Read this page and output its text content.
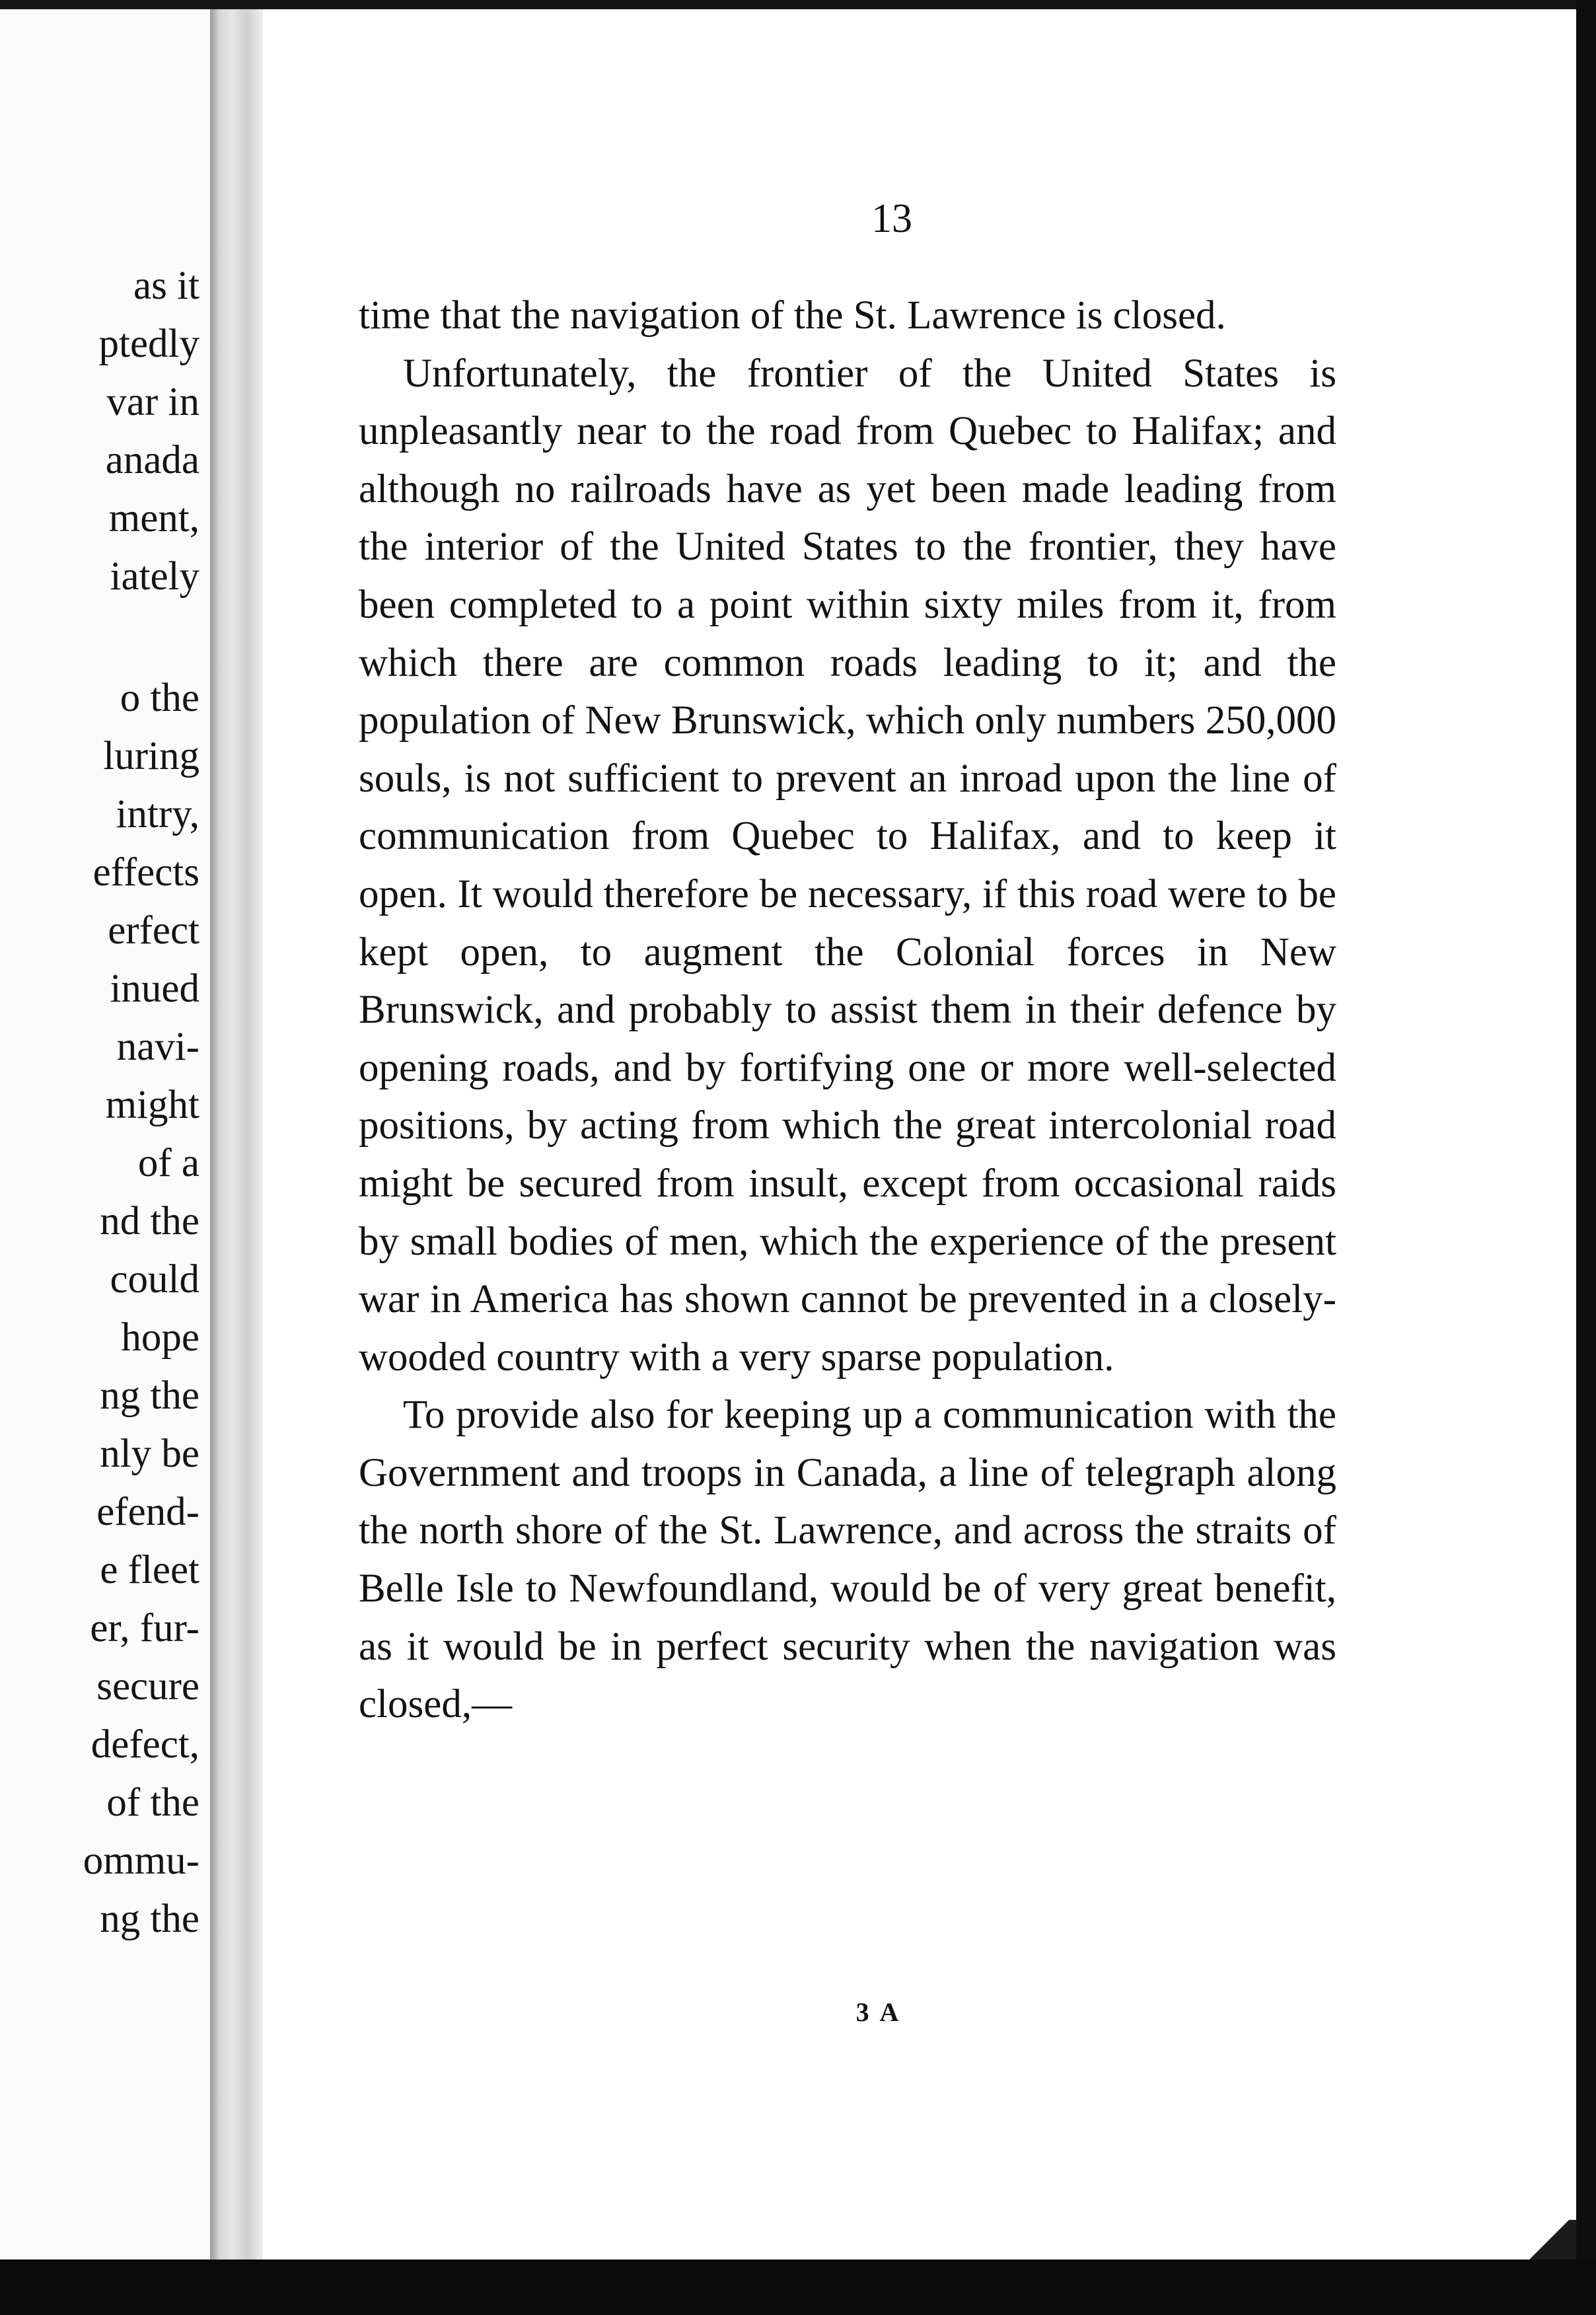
as it
ptedly
var in
anada
ment,
iately
o the
luring
intry,
effects
erfect
inued
navi-
might
of a
nd the
could
hope
ng the
nly be
efend-
e fleet
er, fur-
secure
defect,
of the
ommu-
ng the
13

time that the navigation of the St. Lawrence is closed.

Unfortunately, the frontier of the United States is unpleasantly near to the road from Quebec to Halifax; and although no railroads have as yet been made leading from the interior of the United States to the frontier, they have been completed to a point within sixty miles from it, from which there are common roads leading to it; and the population of New Brunswick, which only numbers 250,000 souls, is not sufficient to prevent an inroad upon the line of communication from Quebec to Halifax, and to keep it open. It would therefore be necessary, if this road were to be kept open, to augment the Colonial forces in New Brunswick, and probably to assist them in their defence by opening roads, and by fortifying one or more well-selected positions, by acting from which the great intercolonial road might be secured from insult, except from occasional raids by small bodies of men, which the experience of the present war in America has shown cannot be prevented in a closely-wooded country with a very sparse population.

To provide also for keeping up a communication with the Government and troops in Canada, a line of telegraph along the north shore of the St. Lawrence, and across the straits of Belle Isle to Newfoundland, would be of very great benefit, as it would be in perfect security when the navigation was closed,—

3 A
